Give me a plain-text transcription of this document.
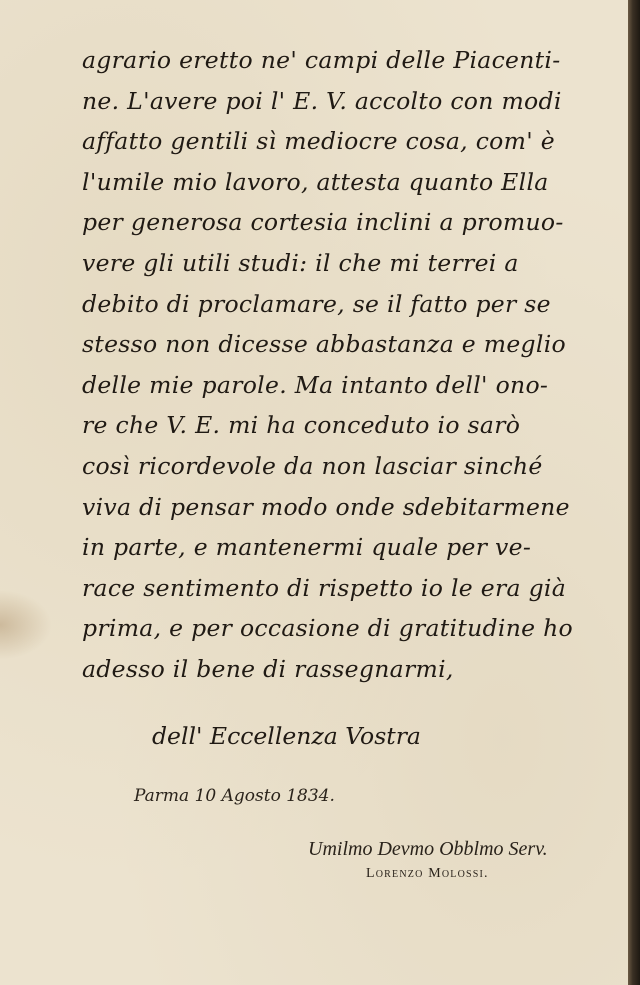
agrario eretto ne' campi delle Piacenti-
ne. L'avere poi l' E. V. accolto con modi
affatto gentili sì mediocre cosa, com' è
l'umile mio lavoro, attesta quanto Ella
per generosa cortesia inclini a promuo-
vere gli utili studi: il che mi terrei a
debito di proclamare, se il fatto per se
stesso non dicesse abbastanza e meglio
delle mie parole. Ma intanto dell' ono-
re che V. E. mi ha conceduto io sarò
così ricordevole da non lasciar sinché
viva di pensar modo onde sdebitarmene
in parte, e mantenermi quale per ve-
race sentimento di rispetto io le era già
prima, e per occasione di gratitudine ho
adesso il bene di rassegnarmi,

dell' Eccellenza Vostra

Parma 10 Agosto 1834.

Umilmo Devmo Obblmo Serv.

Lorenzo Molossi.
